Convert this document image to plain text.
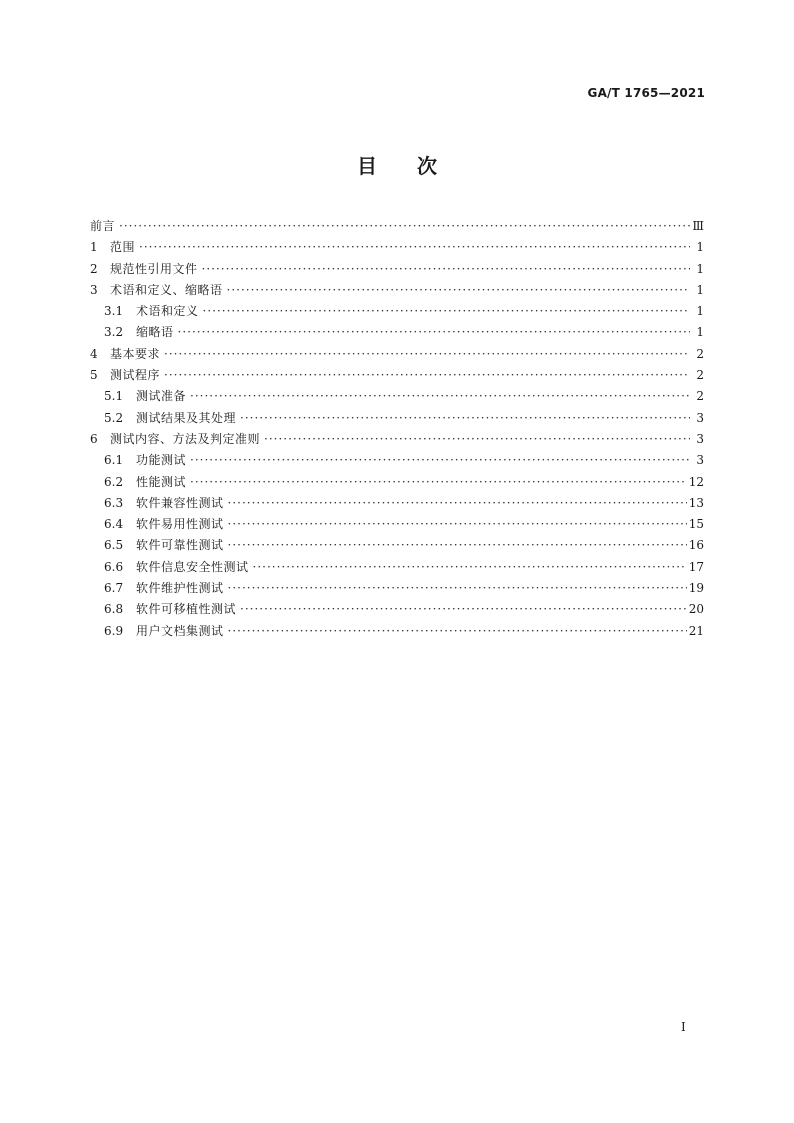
GA/T 1765—2021
目 次
前言 ·····	Ⅲ
1	范围 ·····	1
2	规范性引用文件 ·····	1
3	术语和定义、缩略语 ·····	1
3.1	术语和定义 ·····	1
3.2	缩略语 ·····	1
4	基本要求 ·····	2
5	测试程序 ·····	2
5.1	测试准备 ·····	2
5.2	测试结果及其处理 ·····	3
6	测试内容、方法及判定准则 ·····	3
6.1	功能测试 ·····	3
6.2	性能测试 ·····	12
6.3	软件兼容性测试 ·····	13
6.4	软件易用性测试 ·····	15
6.5	软件可靠性测试 ·····	16
6.6	软件信息安全性测试 ·····	17
6.7	软件维护性测试 ·····	19
6.8	软件可移植性测试 ·····	20
6.9	用户文档集测试 ·····	21
I
